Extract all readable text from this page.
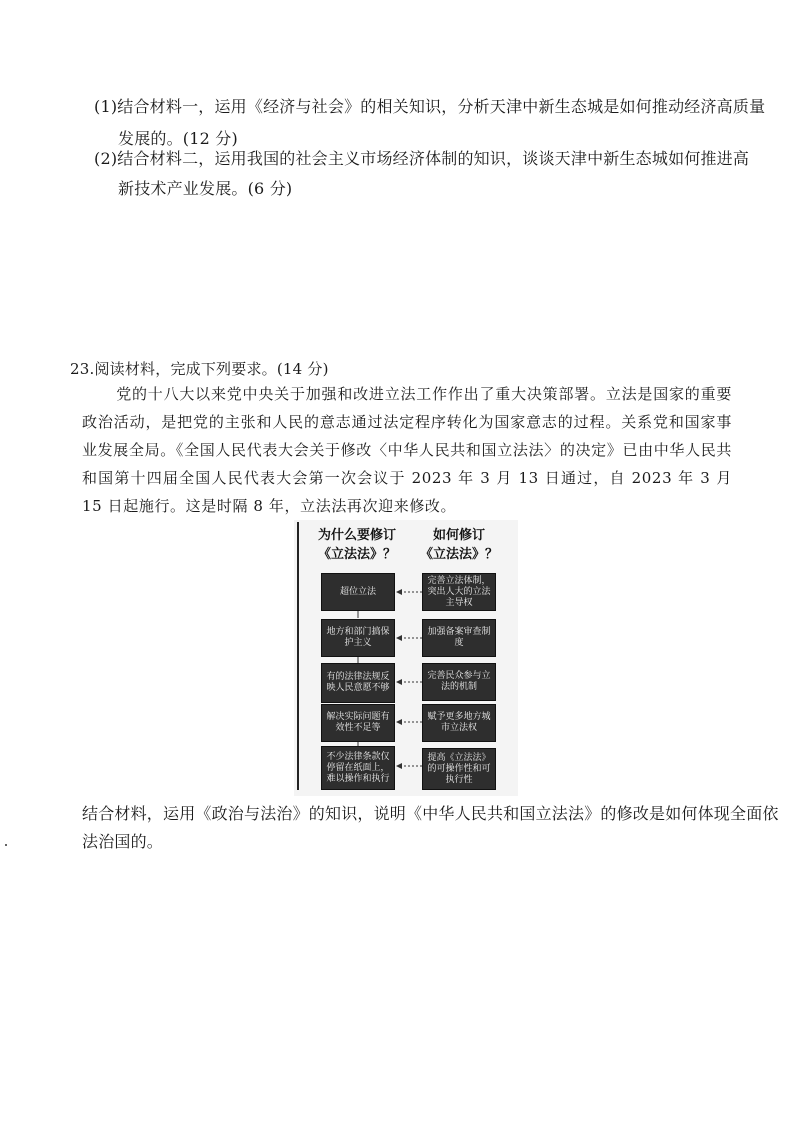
(1)结合材料一，运用《经济与社会》的相关知识，分析天津中新生态城是如何推动经济高质量
发展的。(12 分)
(2)结合材料二，运用我国的社会主义市场经济体制的知识，谈谈天津中新生态城如何推进高
新技术产业发展。(6 分)
23.阅读材料，完成下列要求。(14 分)
党的十八大以来党中央关于加强和改进立法工作作出了重大决策部署。立法是国家的重要政治活动，是把党的主张和人民的意志通过法定程序转化为国家意志的过程。关系党和国家事业发展全局。《全国人民代表大会关于修改〈中华人民共和国立法法〉的决定》已由中华人民共和国第十四届全国人民代表大会第一次会议于 2023 年 3 月 13 日通过，自 2023 年 3 月 15 日起施行。这是时隔 8 年，立法法再次迎来修改。
为什么要修订
《立法法》？
如何修订
《立法法》？
超位立法
地方和部门搞保护主义
有的法律法规反映人民意愿不够
解决实际问题有效性不足等
不少法律条款仅停留在纸面上，难以操作和执行
完善立法体制，突出人大的立法主导权
加强备案审查制度
完善民众参与立法的机制
赋予更多地方城市立法权
提高《立法法》的可操作性和可执行性
结合材料，运用《政治与法治》的知识，说明《中华人民共和国立法法》的修改是如何体现全面依
法治国的。
